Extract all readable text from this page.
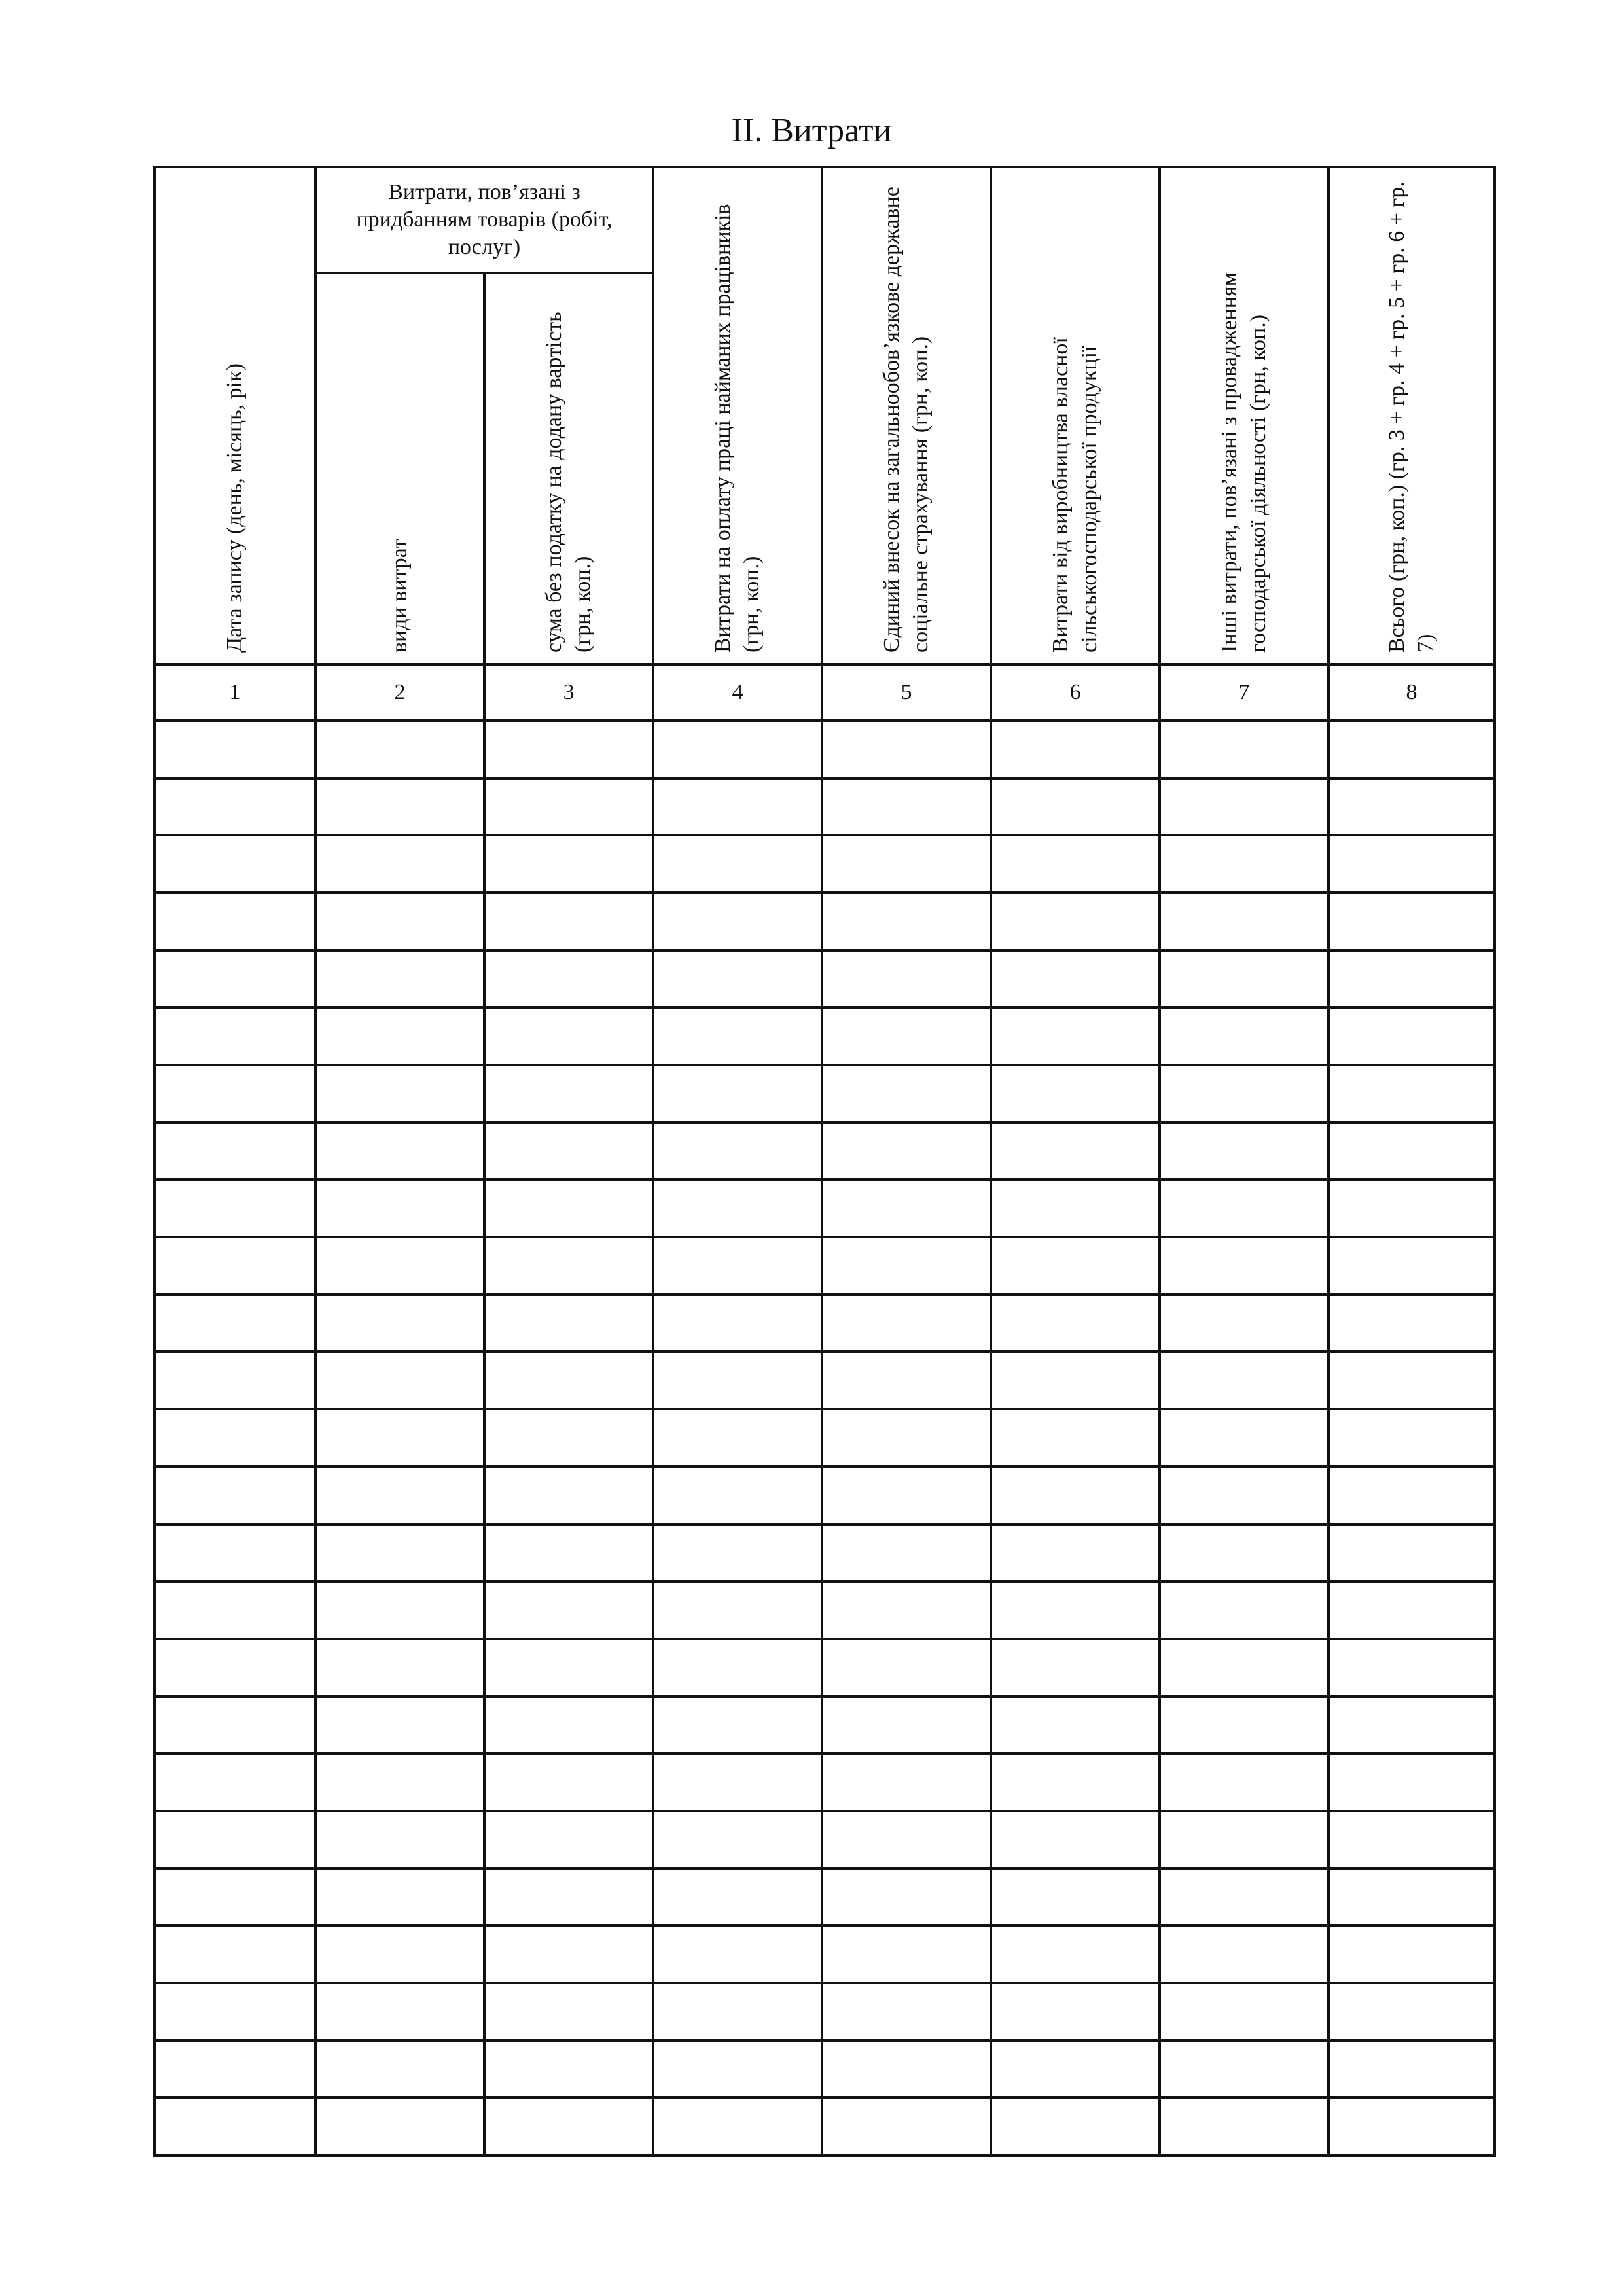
ІІ. Витрати
Витрати, пов’язані з придбанням товарів (робіт, послуг)
Дата запису (день, місяць, рік)	види витрат	сума без податку на додану вартість (грн, коп.)	Витрати на оплату праці найманих працівників (грн, коп.)	Єдиний внесок на загальнообов’язкове державне соціальне страхування (грн, коп.)	Витрати від виробництва власної сільськогосподарської продукції	Інші витрати, пов’язані з провадженням господарської діяльності (грн, коп.)	Всього (грн, коп.) (гр. 3 + гр. 4 + гр. 5 + гр. 6 + гр. 7)
1	2	3	4	5	6	7	8
